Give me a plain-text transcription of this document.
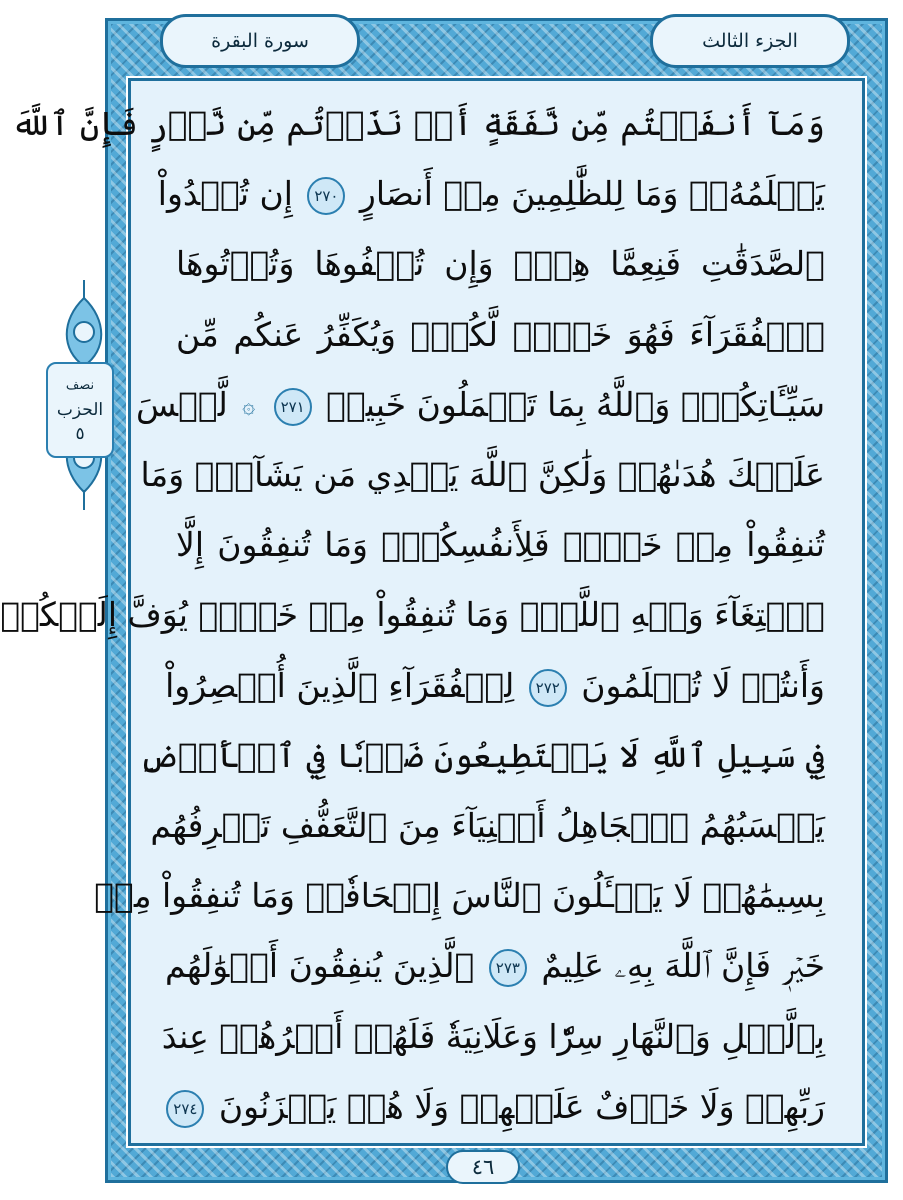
الجزء الثالث
سورة البقرة
نصف
الحزب
٥
وَمَآ أَنفَقۡتُم مِّن نَّفَقَةٍ أَوۡ نَذَرۡتُم مِّن نَّذۡرٍ فَإِنَّ ٱللَّهَ
يَعۡلَمُهُۥۗ وَمَا لِلظَّٰلِمِينَ مِنۡ أَنصَارٍ ٢٧٠ إِن تُبۡدُواْ
ٱلصَّدَقَٰتِ فَنِعِمَّا هِيَۖ وَإِن تُخۡفُوهَا وَتُؤۡتُوهَا
ٱلۡفُقَرَآءَ فَهُوَ خَيۡرٞ لَّكُمۡۚ وَيُكَفِّرُ عَنكُم مِّن
سَيِّـَٔاتِكُمۡۗ وَٱللَّهُ بِمَا تَعۡمَلُونَ خَبِيرٞ ٢٧١ ۞ لَّيۡسَ
عَلَيۡكَ هُدَىٰهُمۡ وَلَٰكِنَّ ٱللَّهَ يَهۡدِي مَن يَشَآءُۗ وَمَا
تُنفِقُواْ مِنۡ خَيۡرٖ فَلِأَنفُسِكُمۡۚ وَمَا تُنفِقُونَ إِلَّا
ٱبۡتِغَآءَ وَجۡهِ ٱللَّهِۚ وَمَا تُنفِقُواْ مِنۡ خَيۡرٖ يُوَفَّ إِلَيۡكُمۡ
وَأَنتُمۡ لَا تُظۡلَمُونَ ٢٧٢ لِلۡفُقَرَآءِ ٱلَّذِينَ أُحۡصِرُواْ
فِي سَبِيلِ ٱللَّهِ لَا يَسۡتَطِيعُونَ ضَرۡبٗا فِي ٱلۡأَرۡضِ
يَحۡسَبُهُمُ ٱلۡجَاهِلُ أَغۡنِيَآءَ مِنَ ٱلتَّعَفُّفِ تَعۡرِفُهُم
بِسِيمَٰهُمۡ لَا يَسۡـَٔلُونَ ٱلنَّاسَ إِلۡحَافٗاۗ وَمَا تُنفِقُواْ مِنۡ
خَيۡرٖ فَإِنَّ ٱللَّهَ بِهِۦ عَلِيمٌ ٢٧٣ ٱلَّذِينَ يُنفِقُونَ أَمۡوَٰلَهُم
بِٱلَّيۡلِ وَٱلنَّهَارِ سِرّٗا وَعَلَانِيَةٗ فَلَهُمۡ أَجۡرُهُمۡ عِندَ
رَبِّهِمۡ وَلَا خَوۡفٌ عَلَيۡهِمۡ وَلَا هُمۡ يَحۡزَنُونَ ٢٧٤
٤٦
